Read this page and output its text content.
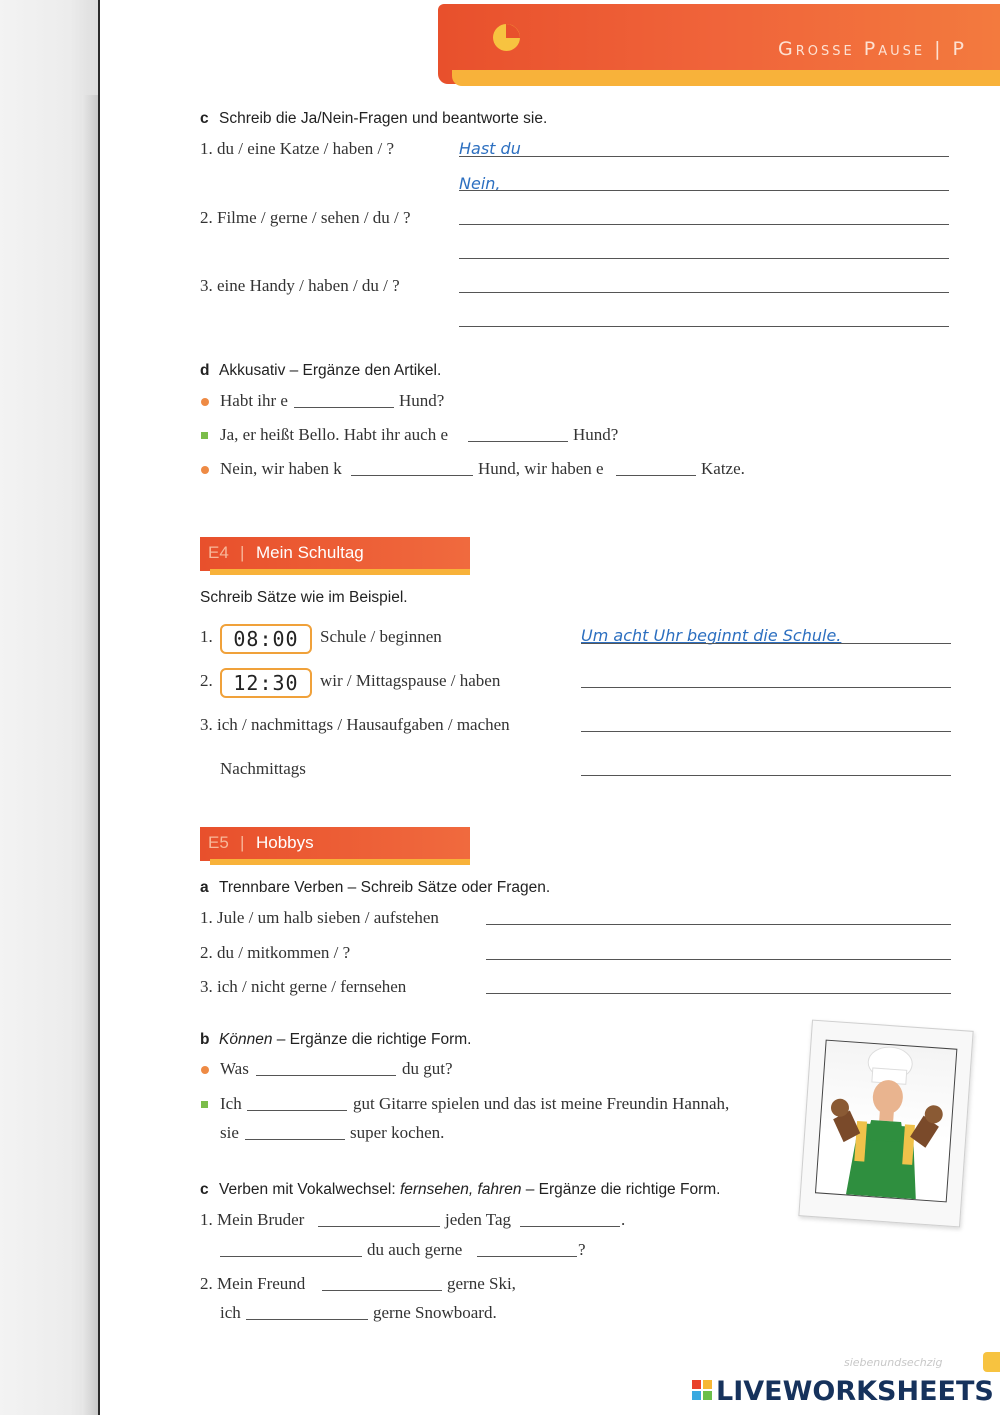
Grosse Pause | P
c Schreib die Ja/Nein-Fragen und beantworte sie.
1. du / eine Katze / haben / ?	Hast du
Nein,
2. Filme / gerne / sehen / du / ?
3. eine Handy / haben / du / ?
d Akkusativ – Ergänze den Artikel.
Habt ihr e	Hund?
Ja, er heißt Bello. Habt ihr auch e	Hund?
Nein, wir haben k	Hund, wir haben e	Katze.
E4 | Mein Schultag
Schreib Sätze wie im Beispiel.
1.	08:00	Schule / beginnen	Um acht Uhr beginnt die Schule.
2.	12:30	wir / Mittagspause / haben
3. ich / nachmittags / Hausaufgaben / machen
Nachmittags
E5 | Hobbys
a Trennbare Verben – Schreib Sätze oder Fragen.
1. Jule / um halb sieben / aufstehen
2. du / mitkommen / ?
3. ich / nicht gerne / fernsehen
b Können – Ergänze die richtige Form.
Was	du gut?
Ich	gut Gitarre spielen und das ist meine Freundin Hannah,
sie	super kochen.
c Verben mit Vokalwechsel: fernsehen, fahren – Ergänze die richtige Form.
1. Mein Bruder	jeden Tag	.
du auch gerne	?
2. Mein Freund	gerne Ski,
ich	gerne Snowboard.
siebenundsechzig
LIVEWORKSHEETS
